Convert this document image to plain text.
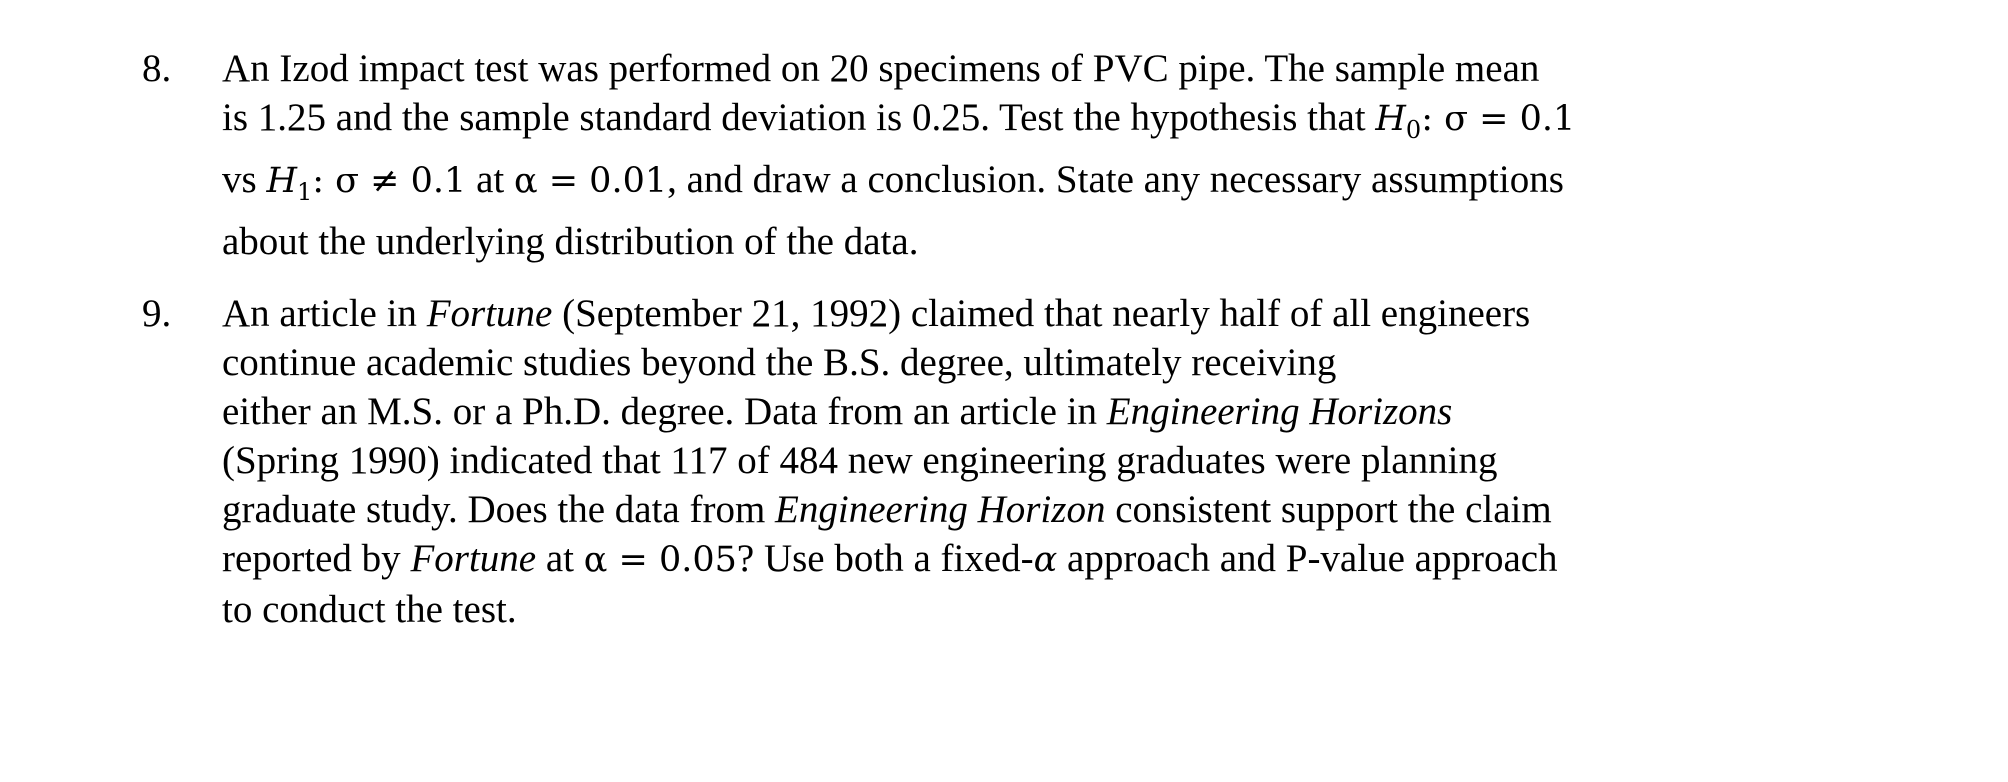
8.	An Izod impact test was performed on 20 specimens of PVC pipe. The sample mean
is 1.25 and the sample standard deviation is 0.25. Test the hypothesis that $H_0$: σ = 0.1
vs $H_1$: σ ≠ 0.1 at α = 0.01, and draw a conclusion. State any necessary assumptions
about the underlying distribution of the data.
9.	An article in Fortune (September 21, 1992) claimed that nearly half of all engineers
continue academic studies beyond the B.S. degree, ultimately receiving
either an M.S. or a Ph.D. degree. Data from an article in Engineering Horizons
(Spring 1990) indicated that 117 of 484 new engineering graduates were planning
graduate study. Does the data from Engineering Horizon consistent support the claim
reported by Fortune at α = 0.05? Use both a fixed-α approach and P-value approach
to conduct the test.
